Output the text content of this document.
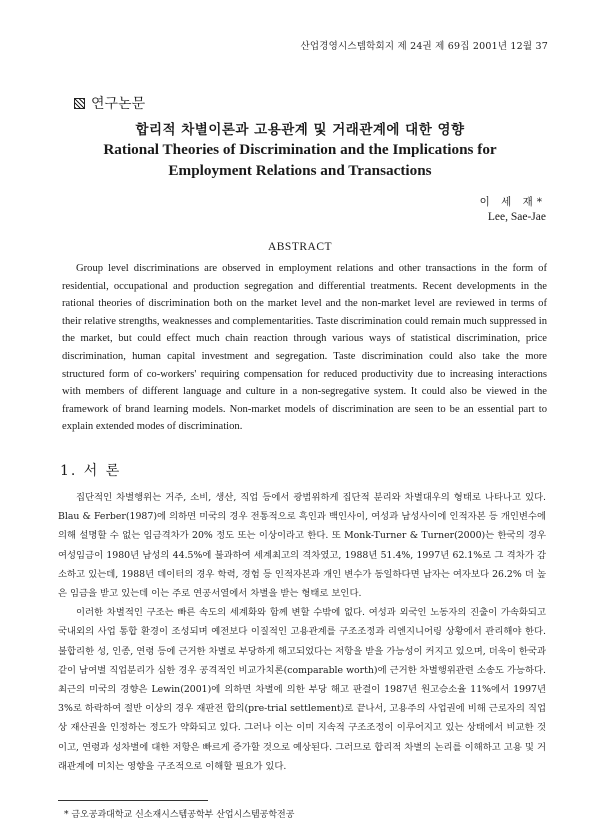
산업경영시스템학회지 제 24권 제 69집 2001년 12월 37
연구논문
합리적 차별이론과 고용관계 및 거래관계에 대한 영향
Rational Theories of Discrimination and the Implications for Employment Relations and Transactions
이 세 재*
Lee, Sae-Jae
ABSTRACT

Group level discriminations are observed in employment relations and other transactions in the form of residential, occupational and production segregation and differential treatments. Recent developments in the rational theories of discrimination both on the market level and the non-market level are reviewed in terms of their relative strengths, weaknesses and complementarities. Taste discrimination could remain much suppressed in the market, but could effect much chain reaction through various ways of statistical discrimination, price discrimination, human capital investment and segregation. Taste discrimination could also take the more structured form of co-workers' requiring compensation for reduced productivity due to increasing interactions with members of different language and culture in a non-segregative system. It could also be viewed in the framework of brand learning models. Non-market models of discrimination are seen to be an essential part to explain extended modes of discrimination.

1. 서 론

집단적인 차별행위는 거주, 소비, 생산, 직업 등에서 광범위하게 집단적 분리와 차별대우의 형태로 나타나고 있다. Blau & Ferber(1987)에 의하면 미국의 경우 전통적으로 흑인과 백인사이, 여성과 남성사이에 인적자본 등 개인변수에 의해 설명할 수 없는 임금격차가 20% 정도 또는 이상이라고 한다. 또 Monk-Turner & Turner(2000)는 한국의 경우 여성임금이 1980년 남성의 44.5%에 불과하여 세계최고의 격차였고, 1988년 51.4%, 1997년 62.1%로 그 격차가 감소하고 있는데, 1988년 데이터의 경우 학력, 경험 등 인적자본과 개인 변수가 동일하다면 남자는 여자보다 26.2% 더 높은 임금을 받고 있는데 이는 주로 연공서열에서 차별을 받는 형태로 보인다.

이러한 차별적인 구조는 빠른 속도의 세계화와 함께 변할 수밖에 없다. 여성과 외국인 노동자의 진출이 가속화되고 국내외의 사업 통합 환경이 조성되며 예전보다 이질적인 고용관계를 구조조정과 리엔지니어링 상황에서 관리해야 한다. 불합리한 성, 인종, 연령 등에 근거한 차별로 부당하게 해고되었다는 저항을 받을 가능성이 커지고 있으며, 더욱이 한국과 같이 남여별 직업분리가 심한 경우 공격적인 비교가치론(comparable worth)에 근거한 차별행위관련 소송도 가능하다. 최근의 미국의 경향은 Lewin(2001)에 의하면 차별에 의한 부당 해고 판결이 1987년 원고승소율 11%에서 1997년 3%로 하락하여 절반 이상의 경우 재판전 합의(pre-trial settlement)로 끝나서, 고용주의 사업권에 비해 근로자의 직업상 재산권을 인정하는 정도가 약화되고 있다. 그러나 이는 이미 지속적 구조조정이 이루어지고 있는 상태에서 비교한 것이고, 연령과 성차별에 대한 저항은 빠르게 증가할 것으로 예상된다. 그러므로 합리적 차별의 논리를 이해하고 고용 및 거래관계에 미치는 영향을 구조적으로 이해할 필요가 있다.

* 금오공과대학교 신소재시스템공학부 산업시스템공학전공
